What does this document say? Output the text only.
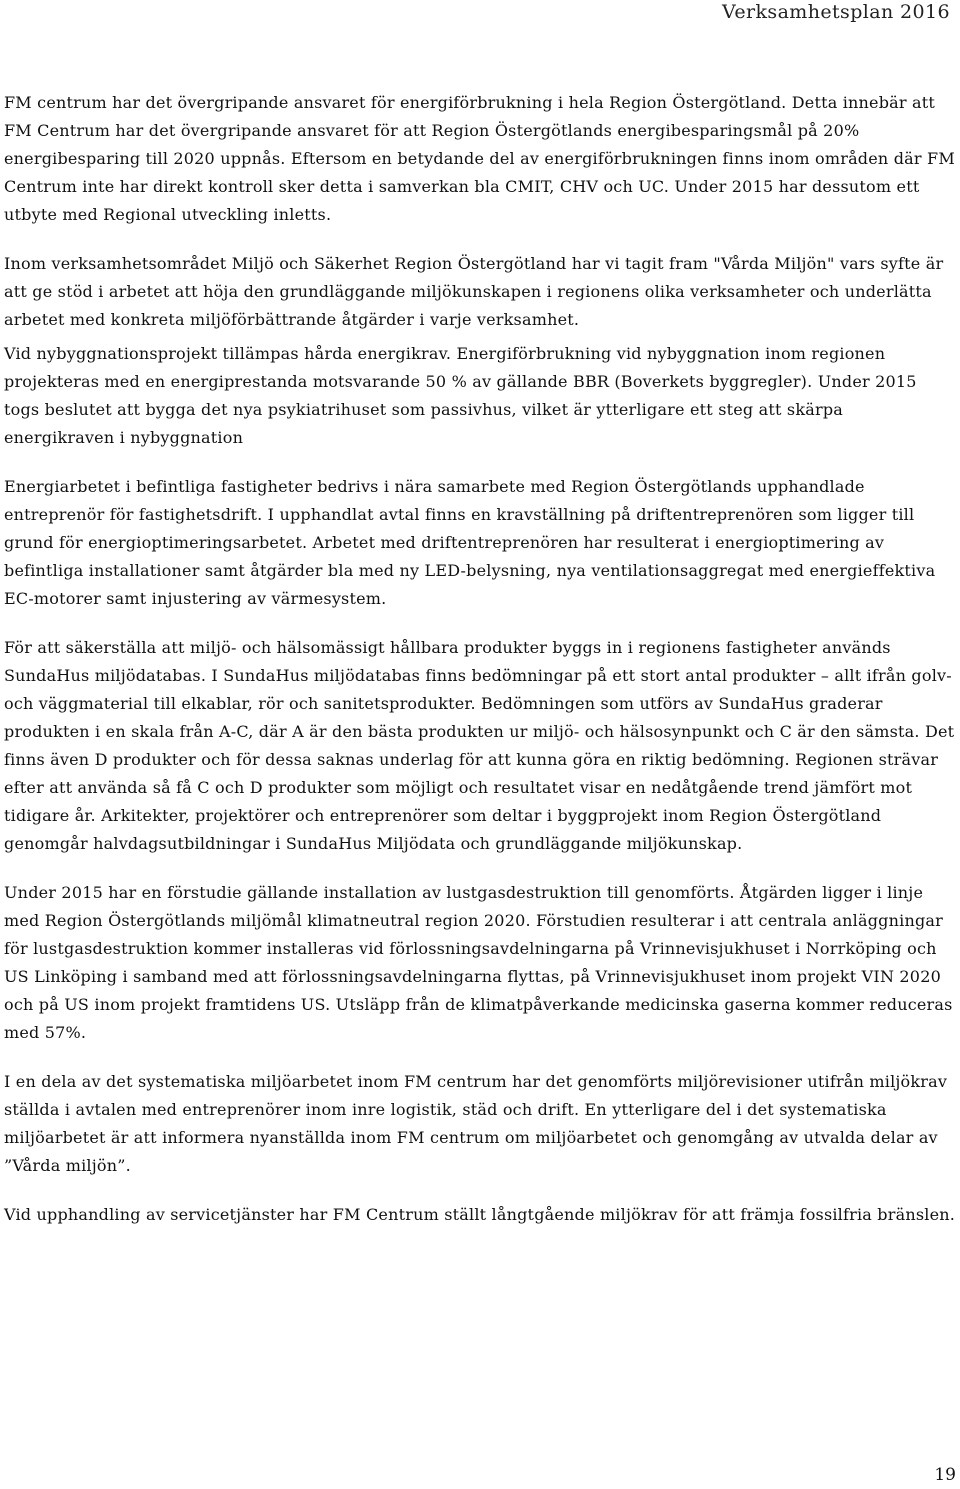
Verksamhetsplan 2016

FM centrum har det övergripande ansvaret för energiförbrukning i hela Region Östergötland. Detta innebär att FM Centrum har det övergripande ansvaret för att Region Östergötlands energibesparingsmål på 20% energibesparing till 2020 uppnås. Eftersom en betydande del av energiförbrukningen finns inom områden där FM Centrum inte har direkt kontroll sker detta i samverkan bla CMIT, CHV och UC. Under 2015 har dessutom ett utbyte med Regional utveckling inletts.

Inom verksamhetsområdet Miljö och Säkerhet Region Östergötland har vi tagit fram "Vårda Miljön" vars syfte är att ge stöd i arbetet att höja den grundläggande miljökunskapen i regionens olika verksamheter och underlätta arbetet med konkreta miljöförbättrande åtgärder i varje verksamhet.

Vid nybyggnationsprojekt tillämpas hårda energikrav. Energiförbrukning vid nybyggnation inom regionen projekteras med en energiprestanda motsvarande 50 % av gällande BBR (Boverkets byggregler). Under 2015 togs beslutet att bygga det nya psykiatrihuset som passivhus, vilket är ytterligare ett steg att skärpa energikraven i nybyggnation

Energiarbetet i befintliga fastigheter bedrivs i nära samarbete med Region Östergötlands upphandlade entreprenör för fastighetsdrift. I upphandlat avtal finns en kravställning på driftentreprenören som ligger till grund för energioptimeringsarbetet. Arbetet med driftentreprenören har resulterat i energioptimering av befintliga installationer samt åtgärder bla med ny LED-belysning, nya ventilationsaggregat med energieffektiva EC-motorer samt injustering av värmesystem.

För att säkerställa att miljö- och hälsomässigt hållbara produkter byggs in i regionens fastigheter används SundaHus miljödatabas. I SundaHus miljödatabas finns bedömningar på ett stort antal produkter – allt ifrån golv- och väggmaterial till elkablar, rör och sanitetsprodukter. Bedömningen som utförs av SundaHus graderar produkten i en skala från A-C, där A är den bästa produkten ur miljö- och hälsosynpunkt och C är den sämsta. Det finns även D produkter och för dessa saknas underlag för att kunna göra en riktig bedömning. Regionen strävar efter att använda så få C och D produkter som möjligt och resultatet visar en nedåtgående trend jämfört mot tidigare år. Arkitekter, projektörer och entreprenörer som deltar i byggprojekt inom Region Östergötland genomgår halvdagsutbildningar i SundaHus Miljödata och grundläggande miljökunskap.

Under 2015 har en förstudie gällande installation av lustgasdestruktion till genomförts. Åtgärden ligger i linje med Region Östergötlands miljömål klimatneutral region 2020. Förstudien resulterar i att centrala anläggningar för lustgasdestruktion kommer installeras vid förlossningsavdelningarna på Vrinnevisjukhuset i Norrköping och US Linköping i samband med att förlossningsavdelningarna flyttas, på Vrinnevisjukhuset inom projekt VIN 2020 och på US inom projekt framtidens US. Utsläpp från de klimatpåverkande medicinska gaserna kommer reduceras med 57%.

I en dela av det systematiska miljöarbetet inom FM centrum har det genomförts miljörevisioner utifrån miljökrav ställda i avtalen med entreprenörer inom inre logistik, städ och drift. En ytterligare del i det systematiska miljöarbetet är att informera nyanställda inom FM centrum om miljöarbetet och genomgång av utvalda delar av ”Vårda miljön”.

Vid upphandling av servicetjänster har FM Centrum ställt långtgående miljökrav för att främja fossilfria bränslen.

19
